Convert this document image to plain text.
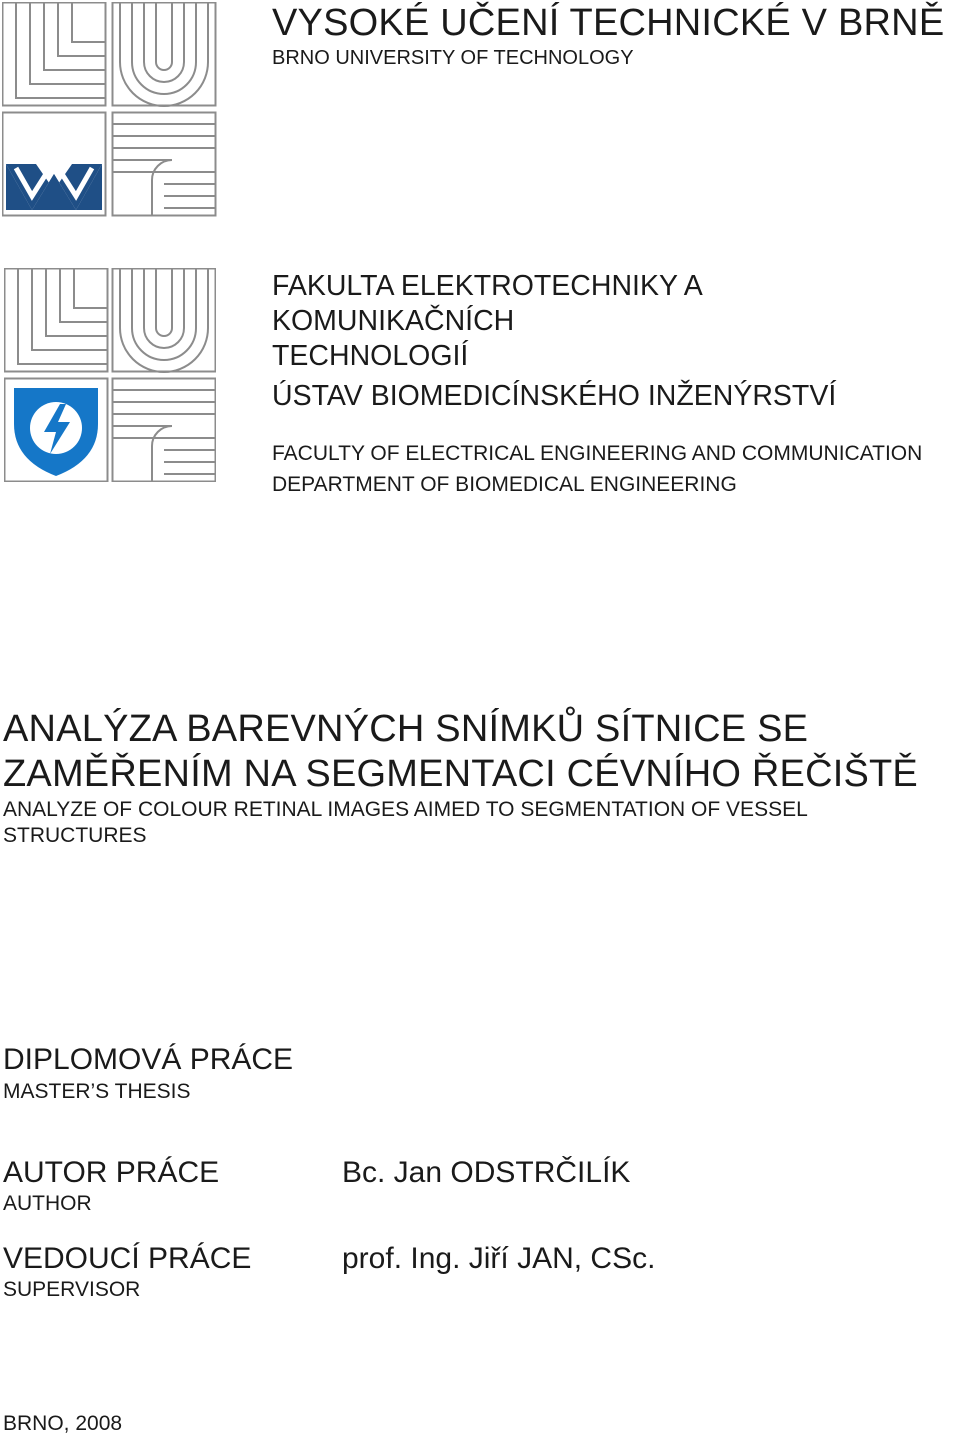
VYSOKÉ UČENÍ TECHNICKÉ V BRNĚ
BRNO UNIVERSITY OF TECHNOLOGY
FAKULTA ELEKTROTECHNIKY A
KOMUNIKAČNÍCH
TECHNOLOGIÍ
ÚSTAV BIOMEDICÍNSKÉHO INŽENÝRSTVÍ
FACULTY OF ELECTRICAL ENGINEERING AND COMMUNICATION
DEPARTMENT OF BIOMEDICAL ENGINEERING
ANALÝZA BAREVNÝCH SNÍMKŮ SÍTNICE SE
ZAMĚŘENÍM NA SEGMENTACI CÉVNÍHO ŘEČIŠTĚ
ANALYZE OF COLOUR RETINAL IMAGES AIMED TO SEGMENTATION OF VESSEL
STRUCTURES
DIPLOMOVÁ PRÁCE
MASTER’S THESIS
AUTOR PRÁCE
AUTHOR
Bc. Jan ODSTRČILÍK
VEDOUCÍ PRÁCE
SUPERVISOR
prof. Ing. Jiří JAN, CSc.
BRNO, 2008
